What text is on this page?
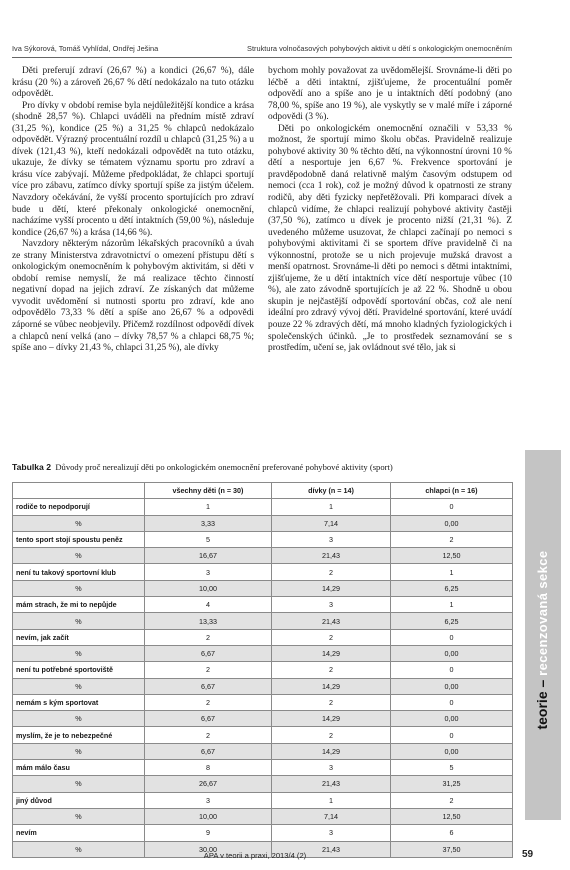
Iva Sýkorová, Tomáš Vyhlídal, Ondřej Ješina	Struktura volnočasových pohybových aktivit u dětí s onkologickým onemocněním

Děti preferují zdraví (26,67 %) a kondici (26,67 %), dále krásu (20 %) a zároveň 26,67 % dětí nedokázalo na tuto otázku odpovědět.

Pro dívky v období remise byla nejdůležitější kondice a krása (shodně 28,57 %). Chlapci uváděli na předním místě zdraví (31,25 %), kondice (25 %) a 31,25 % chlapců nedokázalo odpovědět. Výrazný procentuální rozdíl u chlapců (31,25 %) a u dívek (121,43 %), kteří nedokázali odpovědět na tuto otázku, ukazuje, že dívky se tématem významu sportu pro zdraví a krásu více zabývají. Můžeme předpokládat, že chlapci sportují více pro zábavu, zatímco dívky sportují spíše za jistým účelem. Navzdory očekávání, že vyšší procento sportujících pro zdraví bude u dětí, které překonaly onkologické onemocnění, nacházíme vyšší procento u dětí intaktních (59,00 %), následuje kondice (26,67 %) a krása (14,66 %).

Navzdory některým názorům lékařských pracovníků a úvah ze strany Ministerstva zdravotnictví o omezení přístupu dětí s onkologickým onemocněním k pohybovým aktivitám, si děti v období remise nemyslí, že má realizace těchto činností negativní dopad na jejich zdraví. Ze získaných dat můžeme vyvodit uvědomění si nutnosti sportu pro zdraví, kde ano odpovědělo 73,33 % dětí a spíše ano 26,67 % a odpovědi záporné se vůbec neobjevily. Přičemž rozdílnost odpovědí dívek a chlapců není velká (ano – dívky 78,57 % a chlapci 68,75 %; spíše ano – dívky 21,43 %, chlapci 31,25 %), ale dívky

bychom mohly považovat za uvědomělejší. Srovnáme-li děti po léčbě a děti intaktní, zjišťujeme, že procentuální poměr odpovědí ano a spíše ano je u intaktních dětí podobný (ano 78,00 %, spíše ano 19 %), ale vyskytly se v malé míře i záporné odpovědi (3 %).

Děti po onkologickém onemocnění označili v 53,33 % možnost, že sportují mimo školu občas. Pravidelně realizuje pohybové aktivity 30 % těchto dětí, na výkonnostní úrovni 10 % dětí a nesportuje jen 6,67 %. Frekvence sportování je pravděpodobně daná relativně malým časovým odstupem od nemoci (cca 1 rok), což je možný důvod k opatrnosti ze strany rodičů, aby děti fyzicky nepřetěžovali. Při komparaci dívek a chlapců vidíme, že chlapci realizují pohybové aktivity častěji (37,50 %), zatímco u dívek je procento nižší (21,31 %). Z uvedeného můžeme usuzovat, že chlapci začínají po nemoci s pohybovými aktivitami či se sportem dříve pravidelně či na výkonnostní, protože se u nich projevuje mužská dravost a menší opatrnost. Srovnáme-li děti po nemoci s dětmi intaktními, zjišťujeme, že u dětí intaktních více dětí nesportuje vůbec (10 %), ale zato závodně sportujících je až 22 %. Shodně u obou skupin je nejčastější odpovědí sportování občas, což ale není ideální pro zdravý vývoj dětí. Pravidelné sportování, které uvádí pouze 22 % zdravých dětí, má mnoho kladných fyziologických i společenských účinků. „Je to prostředek seznamování se s prostředím, učení se, jak ovládnout své tělo, jak si

Tabulka 2 Důvody proč nerealizují děti po onkologickém onemocnění preferované pohybové aktivity (sport)
	všechny děti (n = 30)	dívky (n = 14)	chlapci (n = 16)
rodiče to nepodporují	1	1	0
%	3,33	7,14	0,00
tento sport stojí spoustu peněz	5	3	2
%	16,67	21,43	12,50
není tu takový sportovní klub	3	2	1
%	10,00	14,29	6,25
mám strach, že mi to nepůjde	4	3	1
%	13,33	21,43	6,25
nevím, jak začít	2	2	0
%	6,67	14,29	0,00
není tu potřebné sportoviště	2	2	0
%	6,67	14,29	0,00
nemám s kým sportovat	2	2	0
%	6,67	14,29	0,00
myslím, že je to nebezpečné	2	2	0
%	6,67	14,29	0,00
mám málo času	8	3	5
%	26,67	21,43	31,25
jiný důvod	3	1	2
%	10,00	7,14	12,50
nevím	9	3	6
%	30,00	21,43	37,50
teorie – recenzovaná sekce
APA v teorii a praxi, 2013/4 (2)	59
